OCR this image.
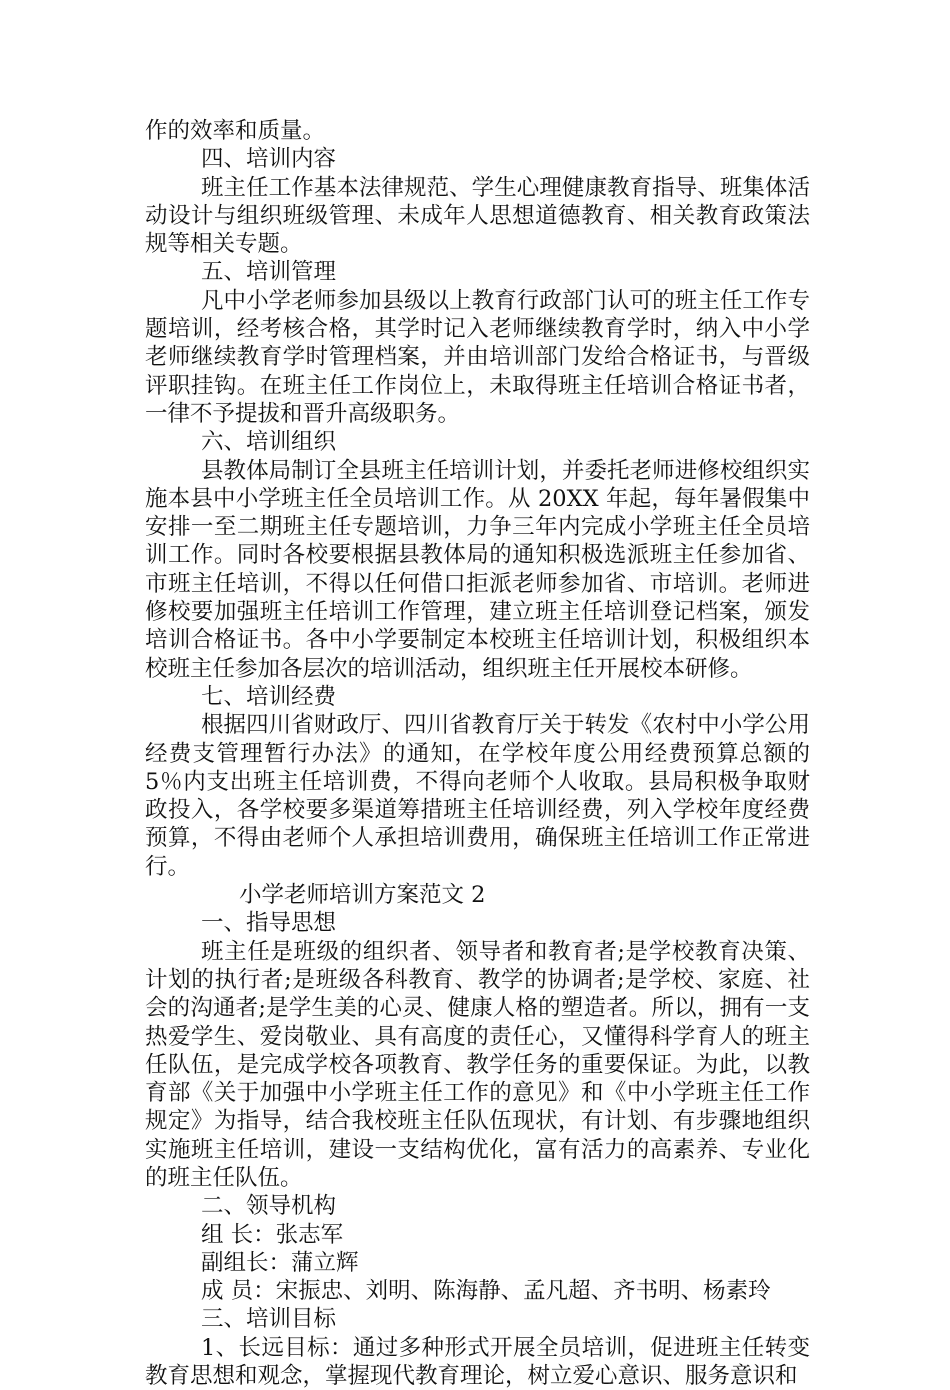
作的效率和质量。

四、培训内容

班主任工作基本法律规范、学生心理健康教育指导、班集体活动设计与组织班级管理、未成年人思想道德教育、相关教育政策法规等相关专题。

五、培训管理

凡中小学老师参加县级以上教育行政部门认可的班主任工作专题培训，经考核合格，其学时记入老师继续教育学时，纳入中小学老师继续教育学时管理档案，并由培训部门发给合格证书，与晋级评职挂钩。在班主任工作岗位上，未取得班主任培训合格证书者，一律不予提拔和晋升高级职务。

六、培训组织

县教体局制订全县班主任培训计划，并委托老师进修校组织实施本县中小学班主任全员培训工作。从 20XX 年起，每年暑假集中安排一至二期班主任专题培训，力争三年内完成小学班主任全员培训工作。同时各校要根据县教体局的通知积极选派班主任参加省、市班主任培训，不得以任何借口拒派老师参加省、市培训。老师进修校要加强班主任培训工作管理，建立班主任培训登记档案，颁发培训合格证书。各中小学要制定本校班主任培训计划，积极组织本校班主任参加各层次的培训活动，组织班主任开展校本研修。

七、培训经费

根据四川省财政厅、四川省教育厅关于转发《农村中小学公用经费支管理暂行办法》的通知，在学校年度公用经费预算总额的5％内支出班主任培训费，不得向老师个人收取。县局积极争取财政投入，各学校要多渠道筹措班主任培训经费，列入学校年度经费预算，不得由老师个人承担培训费用，确保班主任培训工作正常进行。

小学老师培训方案范文 2

一、指导思想

班主任是班级的组织者、领导者和教育者;是学校教育决策、计划的执行者;是班级各科教育、教学的协调者;是学校、家庭、社会的沟通者;是学生美的心灵、健康人格的塑造者。所以，拥有一支热爱学生、爱岗敬业、具有高度的责任心，又懂得科学育人的班主任队伍，是完成学校各项教育、教学任务的重要保证。为此，以教育部《关于加强中小学班主任工作的意见》和《中小学班主任工作规定》为指导，结合我校班主任队伍现状，有计划、有步骤地组织实施班主任培训，建设一支结构优化，富有活力的高素养、专业化的班主任队伍。

二、领导机构

组 长：张志军

副组长：蒲立辉

成 员：宋振忠、刘明、陈海静、孟凡超、齐书明、杨素玲

三、培训目标

1、长远目标：通过多种形式开展全员培训，促进班主任转变教育思想和观念，掌握现代教育理论，树立爱心意识、服务意识和
